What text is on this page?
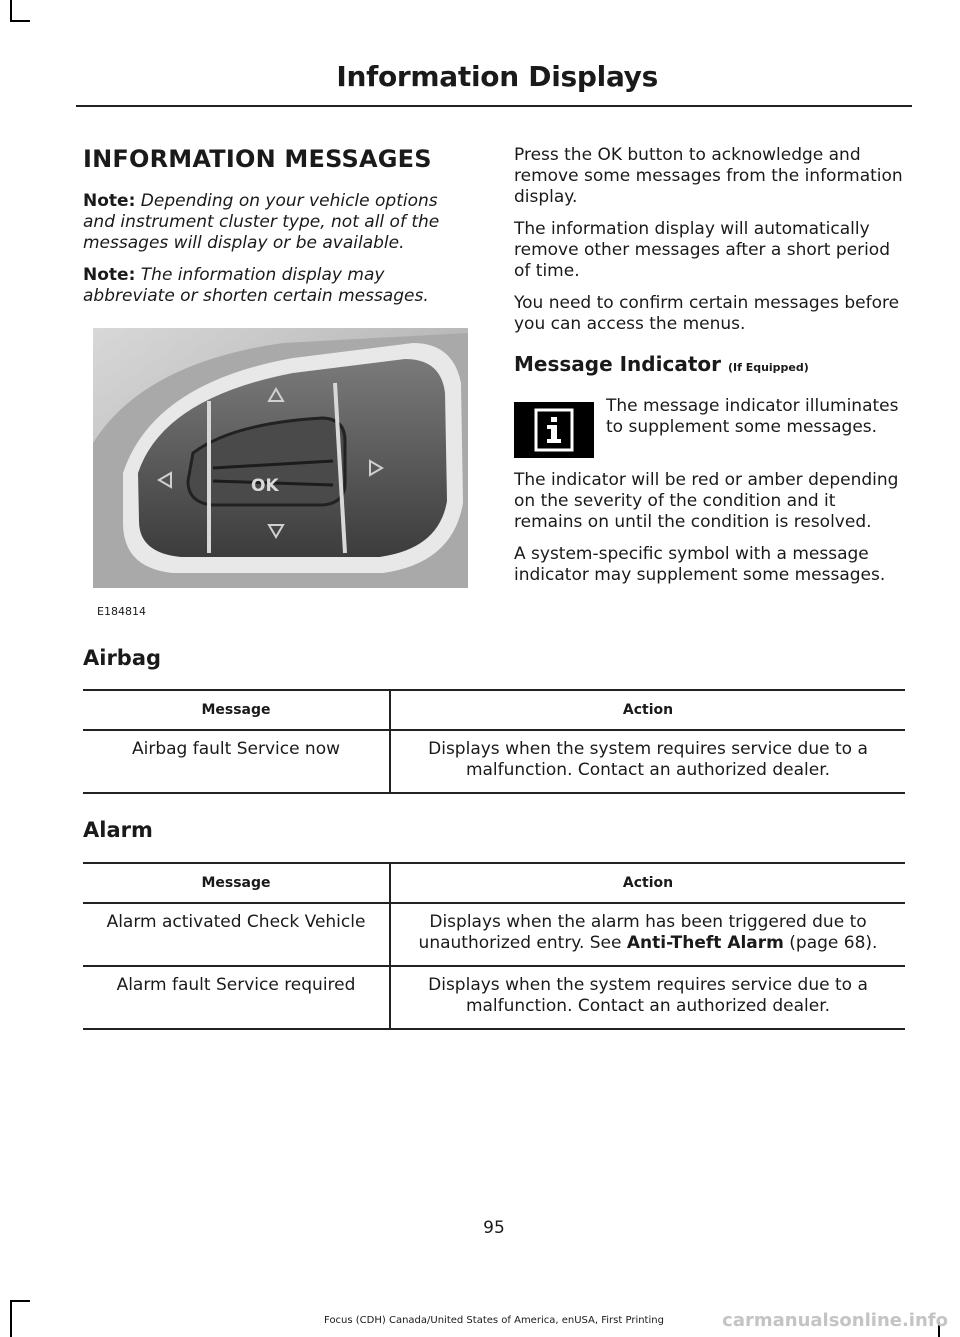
Information Displays
INFORMATION MESSAGES

Note: Depending on your vehicle options and instrument cluster type, not all of the messages will display or be available.

Note: The information display may abbreviate or shorten certain messages.

OK
E184814

Press the OK button to acknowledge and remove some messages from the information display.

The information display will automatically remove other messages after a short period of time.

You need to confirm certain messages before you can access the menus.

Message Indicator (If Equipped)
The message indicator illuminates to supplement some messages.

The indicator will be red or amber depending on the severity of the condition and it remains on until the condition is resolved.

A system-specific symbol with a message indicator may supplement some messages.

Airbag
Message	Action
Airbag fault Service now	Displays when the system requires service due to a malfunction. Contact an authorized dealer.
Alarm
Message	Action
Alarm activated Check Vehicle	Displays when the alarm has been triggered due to unauthorized entry. See Anti-Theft Alarm (page 68).
Alarm fault Service required	Displays when the system requires service due to a malfunction. Contact an authorized dealer.
95
Focus (CDH) Canada/United States of America, enUSA, First Printing	carmanualsonline.info
